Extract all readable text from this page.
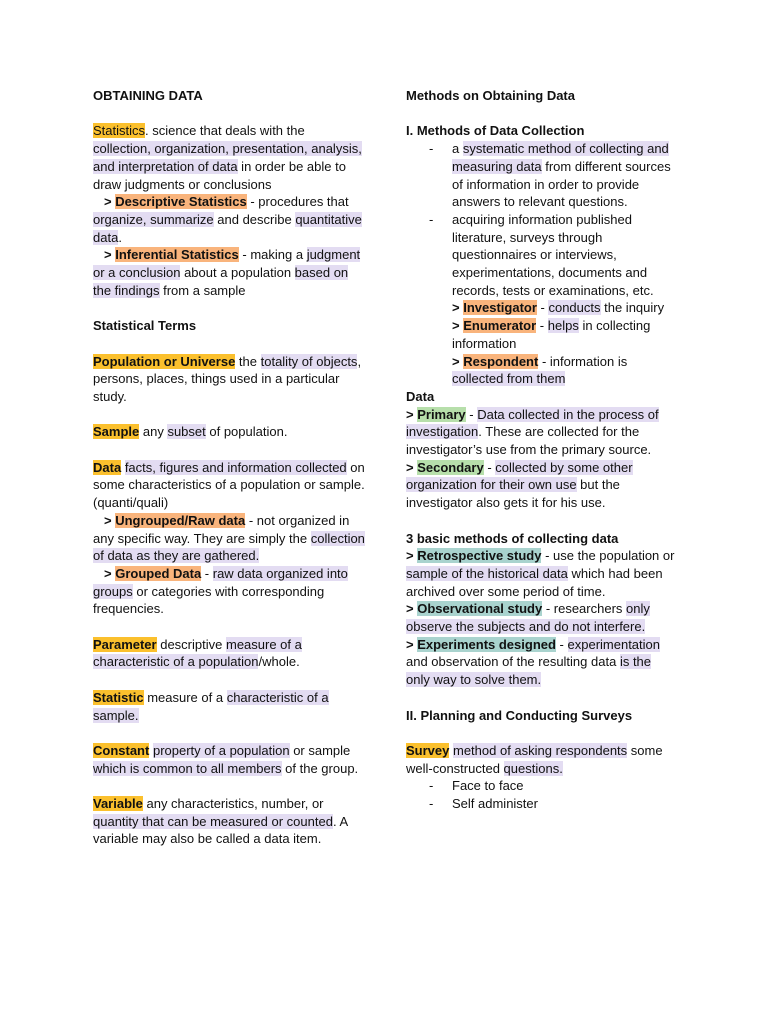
OBTAINING DATA

Statistics. science that deals with the collection, organization, presentation, analysis, and interpretation of data in order be able to draw judgments or conclusions

> Descriptive Statistics - procedures that organize, summarize and describe quantitative data.

> Inferential Statistics - making a judgment or a conclusion about a population based on the findings from a sample

Statistical Terms

Population or Universe the totality of objects, persons, places, things used in a particular study.

Sample any subset of population.

Data facts, figures and information collected on some characteristics of a population or sample. (quanti/quali)

> Ungrouped/Raw data - not organized in any specific way. They are simply the collection of data as they are gathered.

> Grouped Data - raw data organized into groups or categories with corresponding frequencies.

Parameter descriptive measure of a characteristic of a population/whole.

Statistic measure of a characteristic of a sample.

Constant property of a population or sample which is common to all members of the group.

Variable any characteristics, number, or quantity that can be measured or counted. A variable may also be called a data item.

Methods on Obtaining Data

I. Methods of Data Collection

- a systematic method of collecting and measuring data from different sources of information in order to provide answers to relevant questions.

- acquiring information published literature, surveys through questionnaires or interviews, experimentations, documents and records, tests or examinations, etc.

> Investigator - conducts the inquiry

> Enumerator - helps in collecting information

> Respondent - information is collected from them

Data

> Primary - Data collected in the process of investigation. These are collected for the investigator’s use from the primary source.

> Secondary - collected by some other organization for their own use but the investigator also gets it for his use.

3 basic methods of collecting data

> Retrospective study - use the population or sample of the historical data which had been archived over some period of time.

> Observational study - researchers only observe the subjects and do not interfere.

> Experiments designed - experimentation and observation of the resulting data is the only way to solve them.

II. Planning and Conducting Surveys

Survey method of asking respondents some well-constructed questions.

- Face to face

- Self administer
